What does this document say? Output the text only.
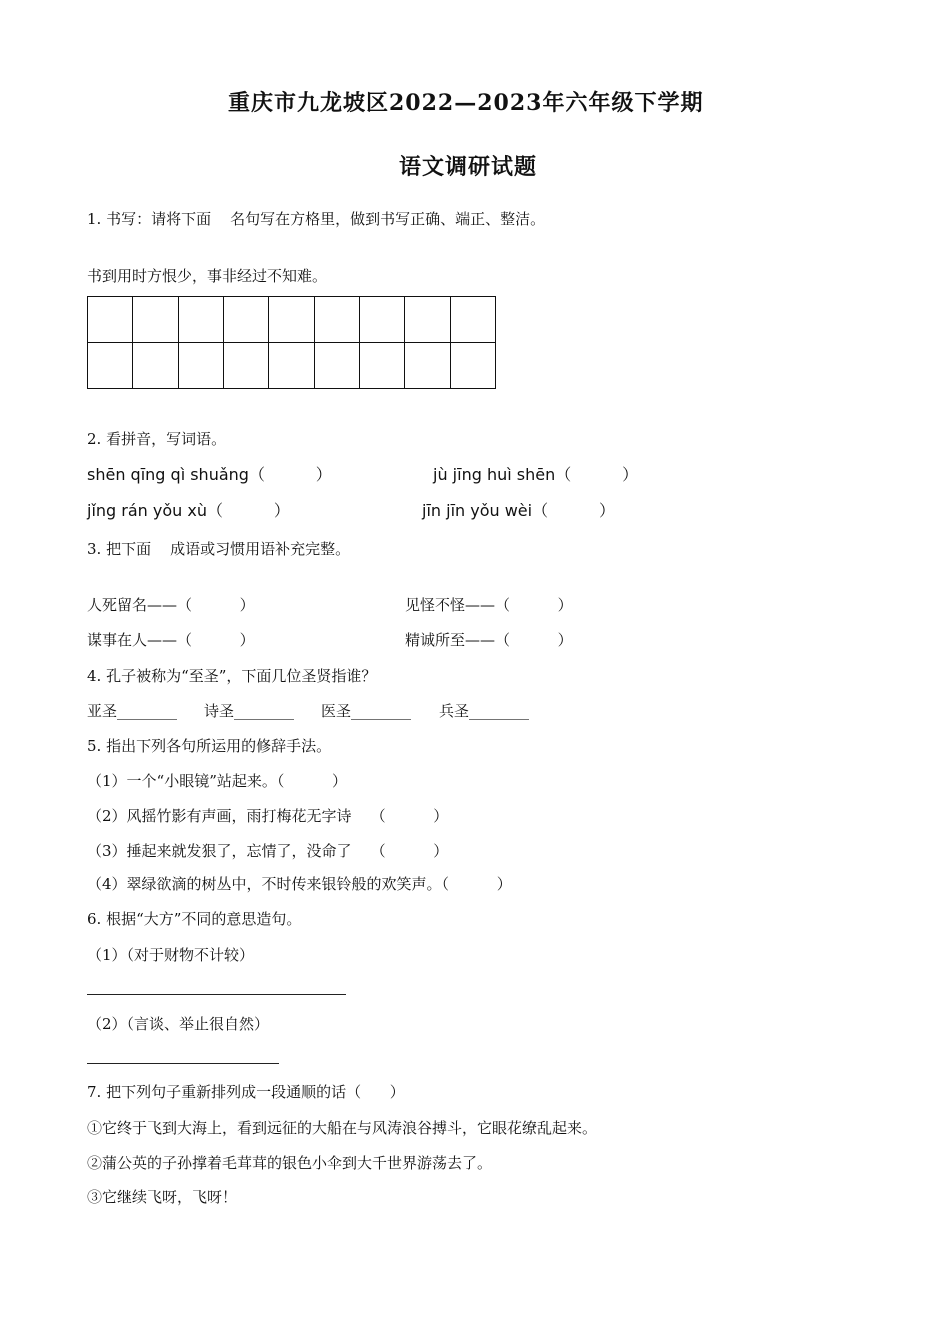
重庆市九龙坡区2022—2023年六年级下学期
语文调研试题
1. 书写：请将下面    名句写在方格里，做到书写正确、端正、整洁。
书到用时方恨少，事非经过不知难。
2. 看拼音，写词语。
shēn qīng qì shuǎng（          ）	jù jīng huì shēn（          ）
jǐng rán yǒu xù（          ）	jīn jīn yǒu wèi（          ）
3. 把下面    成语或习惯用语补充完整。
人死留名——（          ）	见怪不怪——（          ）
谋事在人——（          ）	精诚所至——（          ）
4. 孔子被称为“至圣”，下面几位圣贤指谁？
亚圣________ 诗圣________ 医圣________ 兵圣________
5. 指出下列各句所运用的修辞手法。
（1）一个“小眼镜”站起来。（          ）
（2）风摇竹影有声画，雨打梅花无字诗    （          ）
（3）捶起来就发狠了，忘情了，没命了    （          ）
（4）翠绿欲滴的树丛中，不时传来银铃般的欢笑声。（          ）
6. 根据“大方”不同的意思造句。
（1）（对于财物不计较）
（2）（言谈、举止很自然）
7. 把下列句子重新排列成一段通顺的话（      ）
①它终于飞到大海上，看到远征的大船在与风涛浪谷搏斗，它眼花缭乱起来。
②蒲公英的子孙撑着毛茸茸的银色小伞到大千世界游荡去了。
③它继续飞呀，飞呀！
